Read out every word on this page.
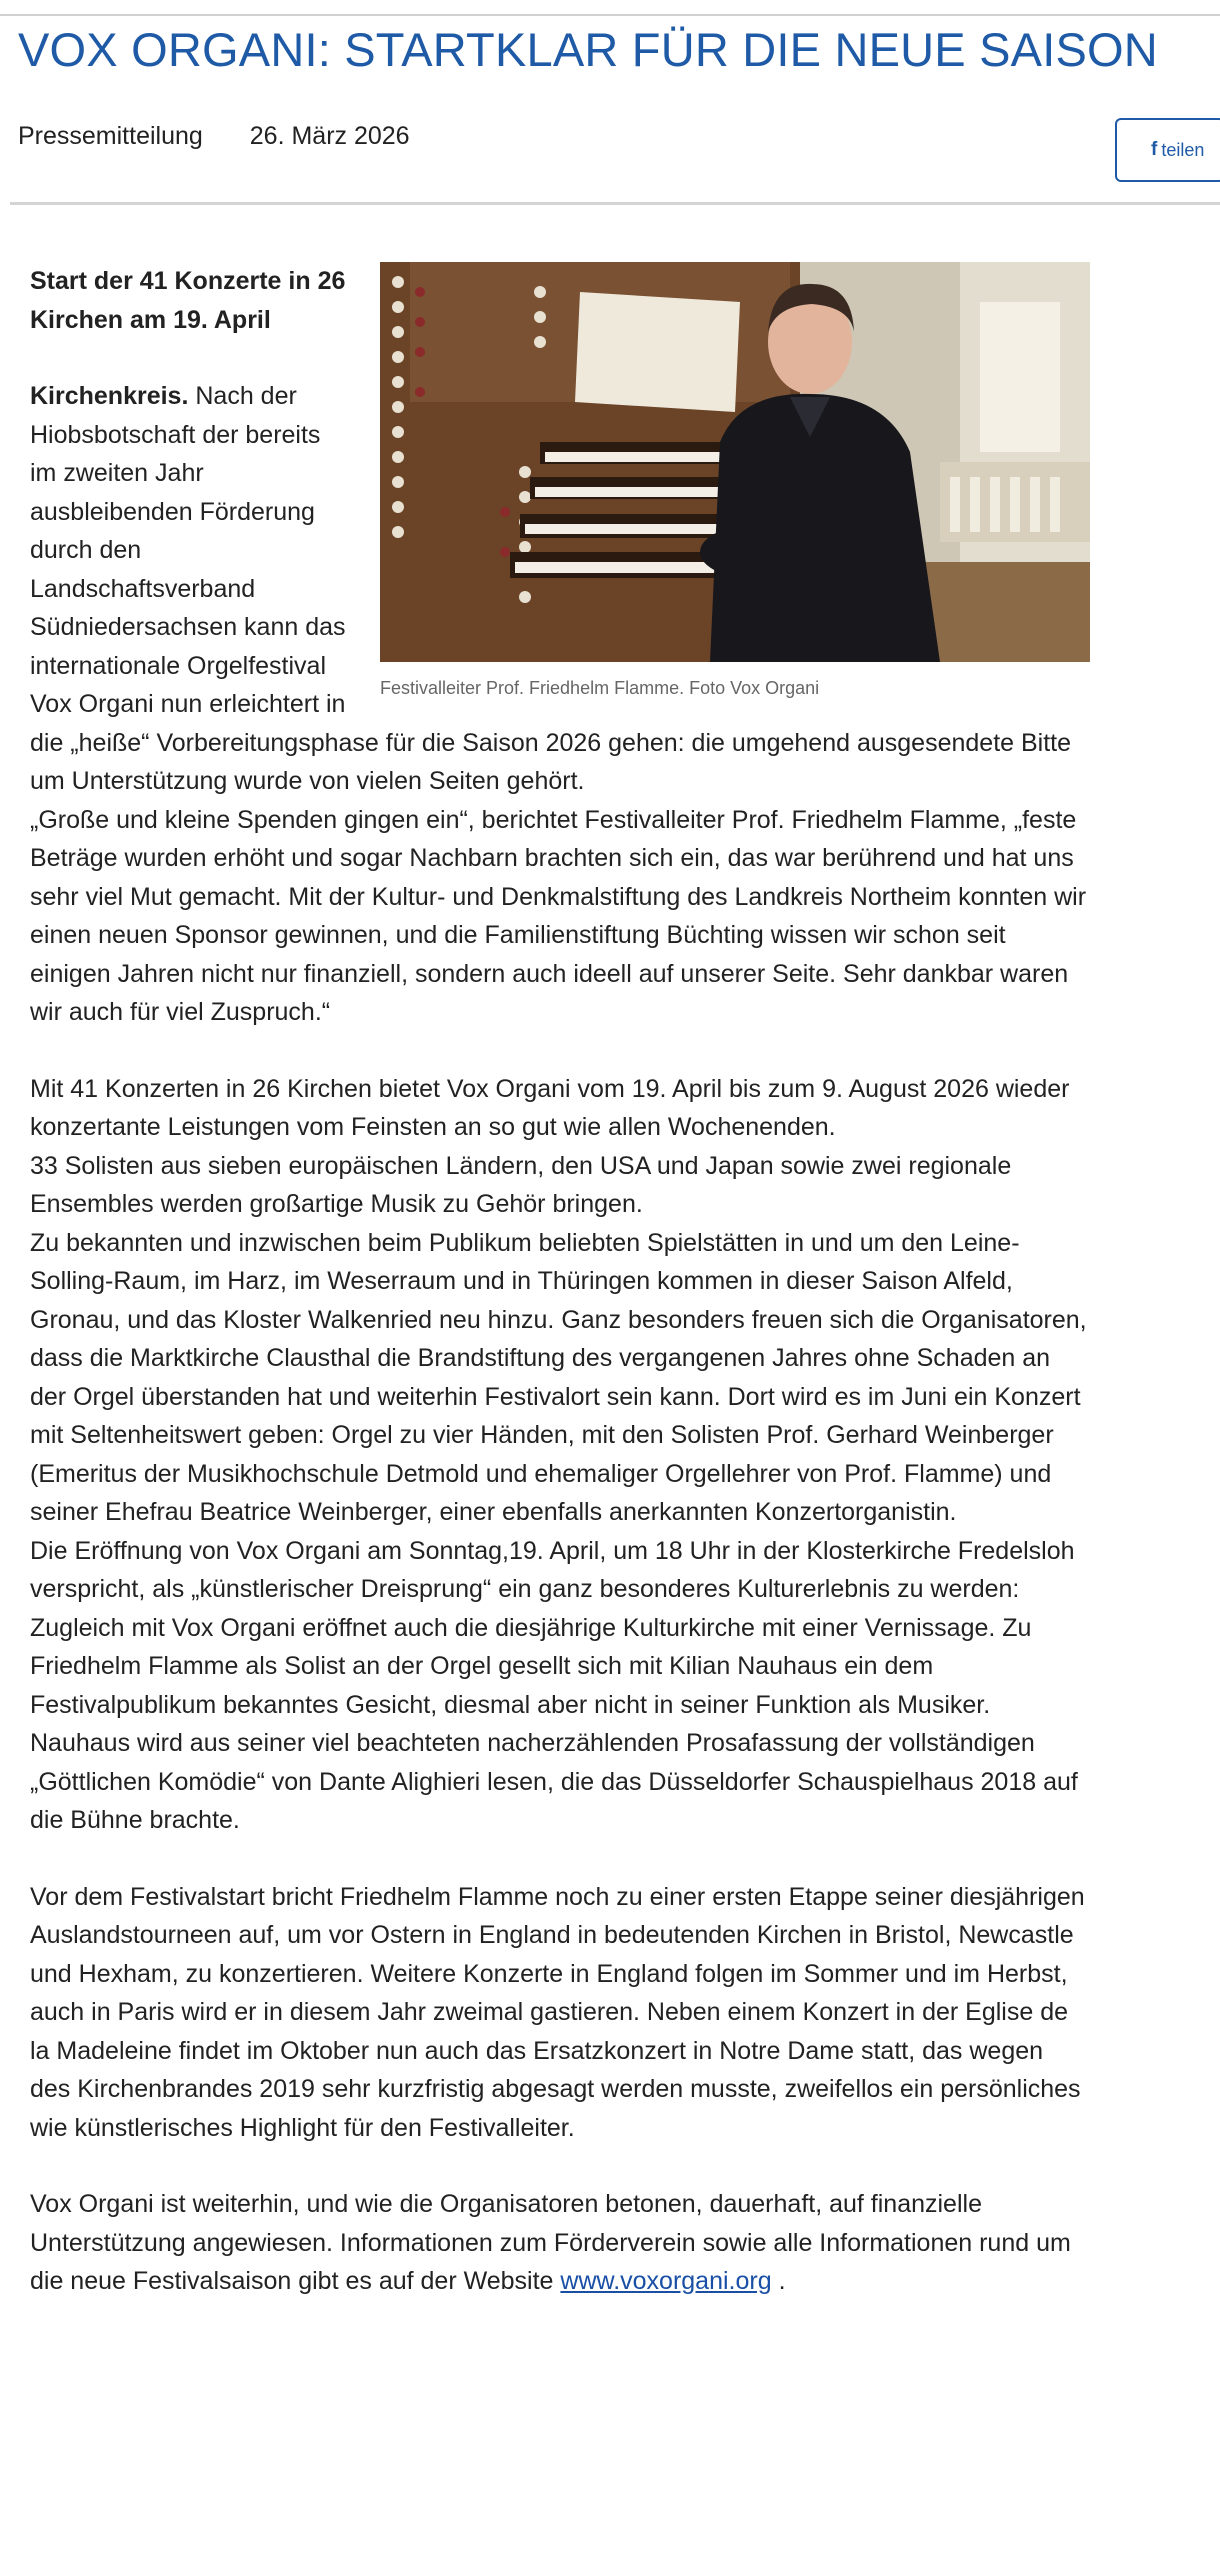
VOX ORGANI: STARTKLAR FÜR DIE NEUE SAISON
Pressemitteilung 26. März 2026	f teilen
Festivalleiter Prof. Friedhelm Flamme. Foto Vox Organi

Start der 41 Konzerte in 26 Kirchen am 19. April

Kirchenkreis. Nach der Hiobsbotschaft der bereits im zweiten Jahr ausbleibenden Förderung durch den Landschaftsverband Südniedersachsen kann das internationale Orgelfestival Vox Organi nun erleichtert in die „heiße“ Vorbereitungsphase für die Saison 2026 gehen: die umgehend ausgesendete Bitte um Unterstützung wurde von vielen Seiten gehört.

„Große und kleine Spenden gingen ein“, berichtet Festivalleiter Prof. Friedhelm Flamme, „feste Beträge wurden erhöht und sogar Nachbarn brachten sich ein, das war berührend und hat uns sehr viel Mut gemacht. Mit der Kultur- und Denkmalstiftung des Landkreis Northeim konnten wir einen neuen Sponsor gewinnen, und die Familienstiftung Büchting wissen wir schon seit einigen Jahren nicht nur finanziell, sondern auch ideell auf unserer Seite. Sehr dankbar waren wir auch für viel Zuspruch.“

Mit 41 Konzerten in 26 Kirchen bietet Vox Organi vom 19. April bis zum 9. August 2026 wieder konzertante Leistungen vom Feinsten an so gut wie allen Wochenenden.

33 Solisten aus sieben europäischen Ländern, den USA und Japan sowie zwei regionale Ensembles werden großartige Musik zu Gehör bringen.

Zu bekannten und inzwischen beim Publikum beliebten Spielstätten in und um den Leine-Solling-Raum, im Harz, im Weserraum und in Thüringen kommen in dieser Saison Alfeld, Gronau, und das Kloster Walkenried neu hinzu. Ganz besonders freuen sich die Organisatoren, dass die Marktkirche Clausthal die Brandstiftung des vergangenen Jahres ohne Schaden an der Orgel überstanden hat und weiterhin Festivalort sein kann. Dort wird es im Juni ein Konzert mit Seltenheitswert geben: Orgel zu vier Händen, mit den Solisten Prof. Gerhard Weinberger (Emeritus der Musikhochschule Detmold und ehemaliger Orgellehrer von Prof. Flamme) und seiner Ehefrau Beatrice Weinberger, einer ebenfalls anerkannten Konzertorganistin.

Die Eröffnung von Vox Organi am Sonntag,19. April, um 18 Uhr in der Klosterkirche Fredelsloh verspricht, als „künstlerischer Dreisprung“ ein ganz besonderes Kulturerlebnis zu werden: Zugleich mit Vox Organi eröffnet auch die diesjährige Kulturkirche mit einer Vernissage. Zu Friedhelm Flamme als Solist an der Orgel gesellt sich mit Kilian Nauhaus ein dem Festivalpublikum bekanntes Gesicht, diesmal aber nicht in seiner Funktion als Musiker. Nauhaus wird aus seiner viel beachteten nacherzählenden Prosafassung der vollständigen „Göttlichen Komödie“ von Dante Alighieri lesen, die das Düsseldorfer Schauspielhaus 2018 auf die Bühne brachte.

Vor dem Festivalstart bricht Friedhelm Flamme noch zu einer ersten Etappe seiner diesjährigen Auslandstourneen auf, um vor Ostern in England in bedeutenden Kirchen in Bristol, Newcastle und Hexham, zu konzertieren. Weitere Konzerte in England folgen im Sommer und im Herbst, auch in Paris wird er in diesem Jahr zweimal gastieren. Neben einem Konzert in der Eglise de la Madeleine findet im Oktober nun auch das Ersatzkonzert in Notre Dame statt, das wegen des Kirchenbrandes 2019 sehr kurzfristig abgesagt werden musste, zweifellos ein persönliches wie künstlerisches Highlight für den Festivalleiter.

Vox Organi ist weiterhin, und wie die Organisatoren betonen, dauerhaft, auf finanzielle Unterstützung angewiesen. Informationen zum Förderverein sowie alle Informationen rund um die neue Festivalsaison gibt es auf der Website www.voxorgani.org .
